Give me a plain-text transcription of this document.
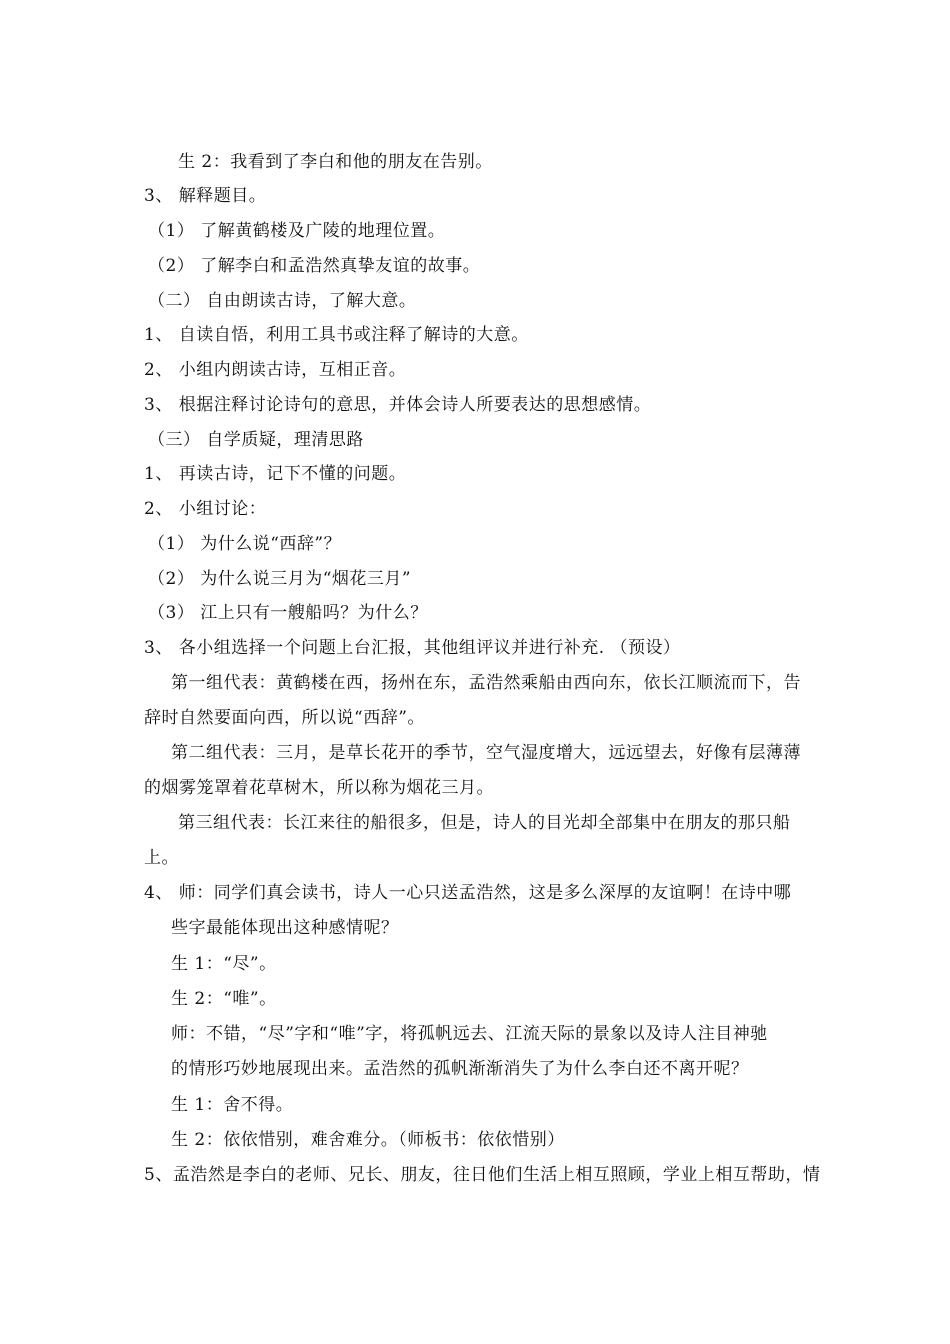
生 2：我看到了李白和他的朋友在告别。
3、 解释题目。
（1） 了解黄鹤楼及广陵的地理位置。
（2） 了解李白和孟浩然真挚友谊的故事。
（二） 自由朗读古诗，了解大意。
1、 自读自悟，利用工具书或注释了解诗的大意。
2、 小组内朗读古诗，互相正音。
3、 根据注释讨论诗句的意思，并体会诗人所要表达的思想感情。
（三） 自学质疑，理清思路
1、 再读古诗，记下不懂的问题。
2、 小组讨论：
（1） 为什么说“西辞”？
（2） 为什么说三月为“烟花三月”
（3） 江上只有一艘船吗？为什么？
3、 各小组选择一个问题上台汇报，其他组评议并进行补充. （预设）
第一组代表：黄鹤楼在西，扬州在东，孟浩然乘船由西向东，依长江顺流而下，告
辞时自然要面向西，所以说“西辞”。
第二组代表：三月，是草长花开的季节，空气湿度增大，远远望去，好像有层薄薄
的烟雾笼罩着花草树木，所以称为烟花三月。
第三组代表：长江来往的船很多，但是，诗人的目光却全部集中在朋友的那只船
上。
4、 师：同学们真会读书，诗人一心只送孟浩然，这是多么深厚的友谊啊！在诗中哪
些字最能体现出这种感情呢？
生 1：“尽”。
生 2：“唯”。
师：不错，“尽”字和“唯”字，将孤帆远去、江流天际的景象以及诗人注目神驰
的情形巧妙地展现出来。孟浩然的孤帆渐渐消失了为什么李白还不离开呢？
生 1：舍不得。
生 2：依依惜别，难舍难分。（师板书：依依惜别）
5、孟浩然是李白的老师、兄长、朋友，往日他们生活上相互照顾，学业上相互帮助，情
